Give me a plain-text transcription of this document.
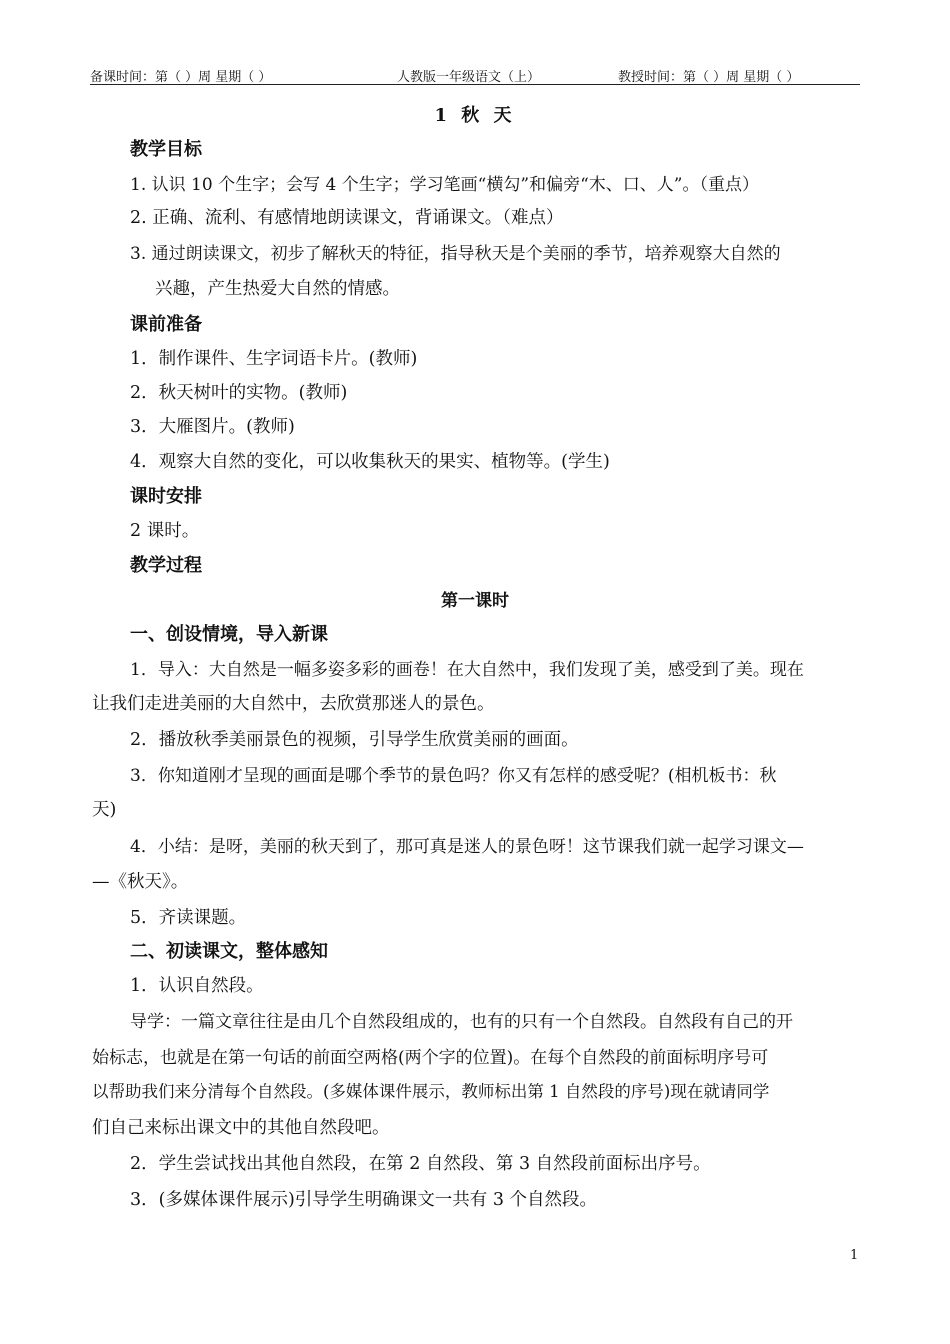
备课时间：第（ ）周 星期（ ）	人教版一年级语文（上）	教授时间：第（ ）周 星期（ ）
1 秋 天
教学目标
1. 认识 10 个生字；会写 4 个生字；学习笔画“横勾”和偏旁“木、口、人”。（重点）
2. 正确、流利、有感情地朗读课文，背诵课文。（难点）
3. 通过朗读课文，初步了解秋天的特征，指导秋天是个美丽的季节，培养观察大自然的
兴趣，产生热爱大自然的情感。
课前准备
1．制作课件、生字词语卡片。(教师)
2．秋天树叶的实物。(教师)
3．大雁图片。(教师)
4．观察大自然的变化，可以收集秋天的果实、植物等。(学生)
课时安排
2 课时。
教学过程
第一课时
一、创设情境，导入新课
1．导入：大自然是一幅多姿多彩的画卷！在大自然中，我们发现了美，感受到了美。现在
让我们走进美丽的大自然中，去欣赏那迷人的景色。
2．播放秋季美丽景色的视频，引导学生欣赏美丽的画面。
3．你知道刚才呈现的画面是哪个季节的景色吗？你又有怎样的感受呢？(相机板书：秋
天)
4．小结：是呀，美丽的秋天到了，那可真是迷人的景色呀！这节课我们就一起学习课文—
—《秋天》。
5．齐读课题。
二、初读课文，整体感知
1．认识自然段。
导学：一篇文章往往是由几个自然段组成的，也有的只有一个自然段。自然段有自己的开
始标志，也就是在第一句话的前面空两格(两个字的位置)。在每个自然段的前面标明序号可
以帮助我们来分清每个自然段。(多媒体课件展示，教师标出第 1 自然段的序号)现在就请同学
们自己来标出课文中的其他自然段吧。
2．学生尝试找出其他自然段，在第 2 自然段、第 3 自然段前面标出序号。
3．(多媒体课件展示)引导学生明确课文一共有 3 个自然段。
1
